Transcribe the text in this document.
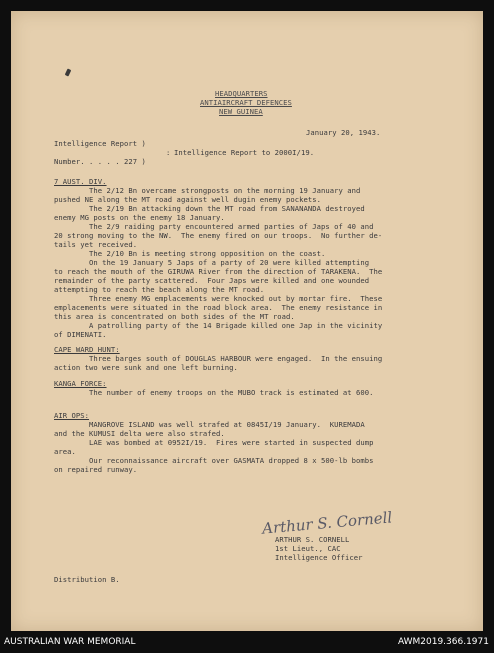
HEADQUARTERS
ANTIAIRCRAFT DEFENCES
NEW GUINEA
January 20, 1943.
Intelligence Report )
: Intelligence Report to 2000I/19.
Number. . . . . 227 )
7 AUST. DIV.
The 2/12 Bn overcame strongposts on the morning 19 January and
pushed NE along the MT road against well dugin enemy pockets.
The 2/19 Bn attacking down the MT road from SANANANDA destroyed
enemy MG posts on the enemy 18 January.
The 2/9 raiding party encountered armed parties of Japs of 40 and
20 strong moving to the NW.  The enemy fired on our troops.  No further de-
tails yet received.
The 2/10 Bn is meeting strong opposition on the coast.
On the 19 January 5 Japs of a party of 20 were killed attempting
to reach the mouth of the GIRUWA River from the direction of TARAKENA.  The
remainder of the party scattered.  Four Japs were killed and one wounded
attempting to reach the beach along the MT road.
Three enemy MG emplacements were knocked out by mortar fire.  These
emplacements were situated in the road block area.  The enemy resistance in
this area is concentrated on both sides of the MT road.
A patrolling party of the 14 Brigade killed one Jap in the vicinity
of DIMENATI.
CAPE WARD HUNT:
Three barges south of DOUGLAS HARBOUR were engaged.  In the ensuing
action two were sunk and one left burning.
KANGA FORCE:
The number of enemy troops on the MUBO track is estimated at 600.
AIR OPS:
MANGROVE ISLAND was well strafed at 0845I/19 January.  KUREMADA
and the KUMUSI delta were also strafed.
LAE was bombed at 0952I/19.  Fires were started in suspected dump
area.
Our reconnaissance aircraft over GASMATA dropped 8 x 500-lb bombs
on repaired runway.
Arthur S. Cornell
ARTHUR S. CORNELL
1st Lieut., CAC
Intelligence Officer
Distribution B.
AUSTRALIAN WAR MEMORIAL	AWM2019.366.1971
